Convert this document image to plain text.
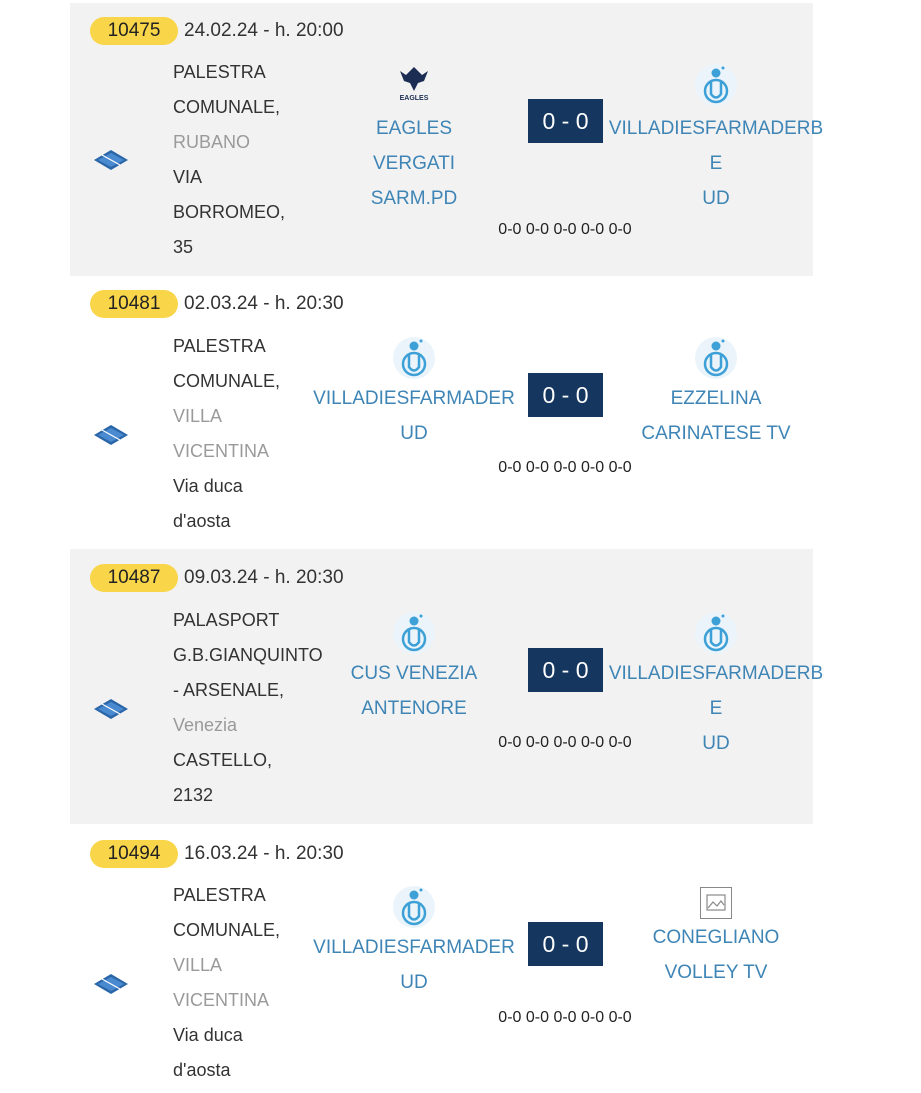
10475	24.02.24 - h. 20:00
PALESTRA
COMUNALE,
RUBANO
VIA
BORROMEO,
35
EAGLES
EAGLES
VERGATI
SARM.PD
0 - 0
0-0 0-0 0-0 0-0 0-0
VILLADIESFARMADERBE
UD
10481	02.03.24 - h. 20:30
PALESTRA
COMUNALE,
VILLA
VICENTINA
Via duca
d'aosta
VILLADIESFARMADER
UD
0 - 0
0-0 0-0 0-0 0-0 0-0
EZZELINA
CARINATESE TV
10487	09.03.24 - h. 20:30
PALASPORT
G.B.GIANQUINTO
- ARSENALE,
Venezia
CASTELLO,
2132
CUS VENEZIA
ANTENORE
0 - 0
0-0 0-0 0-0 0-0 0-0
VILLADIESFARMADERBE
UD
10494	16.03.24 - h. 20:30
PALESTRA
COMUNALE,
VILLA
VICENTINA
Via duca
d'aosta
VILLADIESFARMADER
UD
0 - 0
0-0 0-0 0-0 0-0 0-0
CONEGLIANO
VOLLEY TV
